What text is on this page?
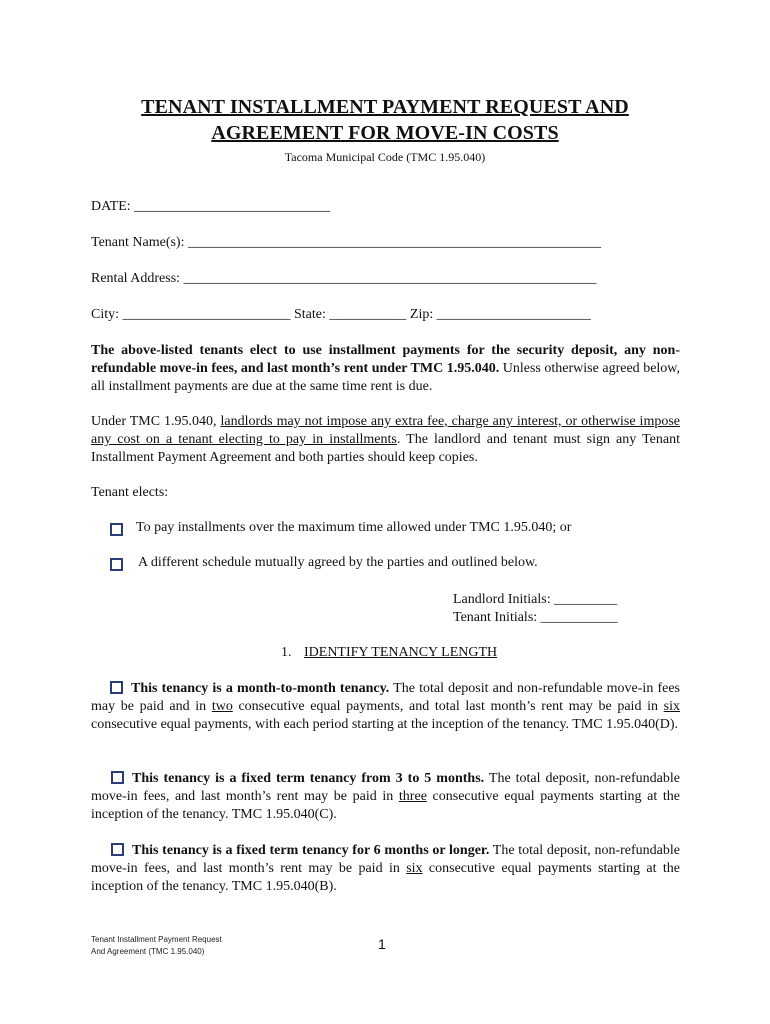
TENANT INSTALLMENT PAYMENT REQUEST AND
AGREEMENT FOR MOVE-IN COSTS
Tacoma Municipal Code (TMC 1.95.040)
DATE: ____________________________
Tenant Name(s): ___________________________________________________________
Rental Address: ___________________________________________________________
City: ________________________ State: ___________ Zip: ______________________
The above-listed tenants elect to use installment payments for the security deposit, any non-refundable move-in fees, and last month’s rent under TMC 1.95.040. Unless otherwise agreed below, all installment payments are due at the same time rent is due.
Under TMC 1.95.040, landlords may not impose any extra fee, charge any interest, or otherwise impose any cost on a tenant electing to pay in installments. The landlord and tenant must sign any Tenant Installment Payment Agreement and both parties should keep copies.
Tenant elects:
To pay installments over the maximum time allowed under TMC 1.95.040; or
A different schedule mutually agreed by the parties and outlined below.
Landlord Initials: _________
Tenant Initials: ___________
1. IDENTIFY TENANCY LENGTH
This tenancy is a month-to-month tenancy. The total deposit and non-refundable move-in fees may be paid and in two consecutive equal payments, and total last month’s rent may be paid in six consecutive equal payments, with each period starting at the inception of the tenancy. TMC 1.95.040(D).
This tenancy is a fixed term tenancy from 3 to 5 months. The total deposit, non-refundable move-in fees, and last month’s rent may be paid in three consecutive equal payments starting at the inception of the tenancy. TMC 1.95.040(C).
This tenancy is a fixed term tenancy for 6 months or longer. The total deposit, non-refundable move-in fees, and last month’s rent may be paid in six consecutive equal payments starting at the inception of the tenancy. TMC 1.95.040(B).
Tenant Installment Payment Request
And Agreement (TMC 1.95.040)	1
